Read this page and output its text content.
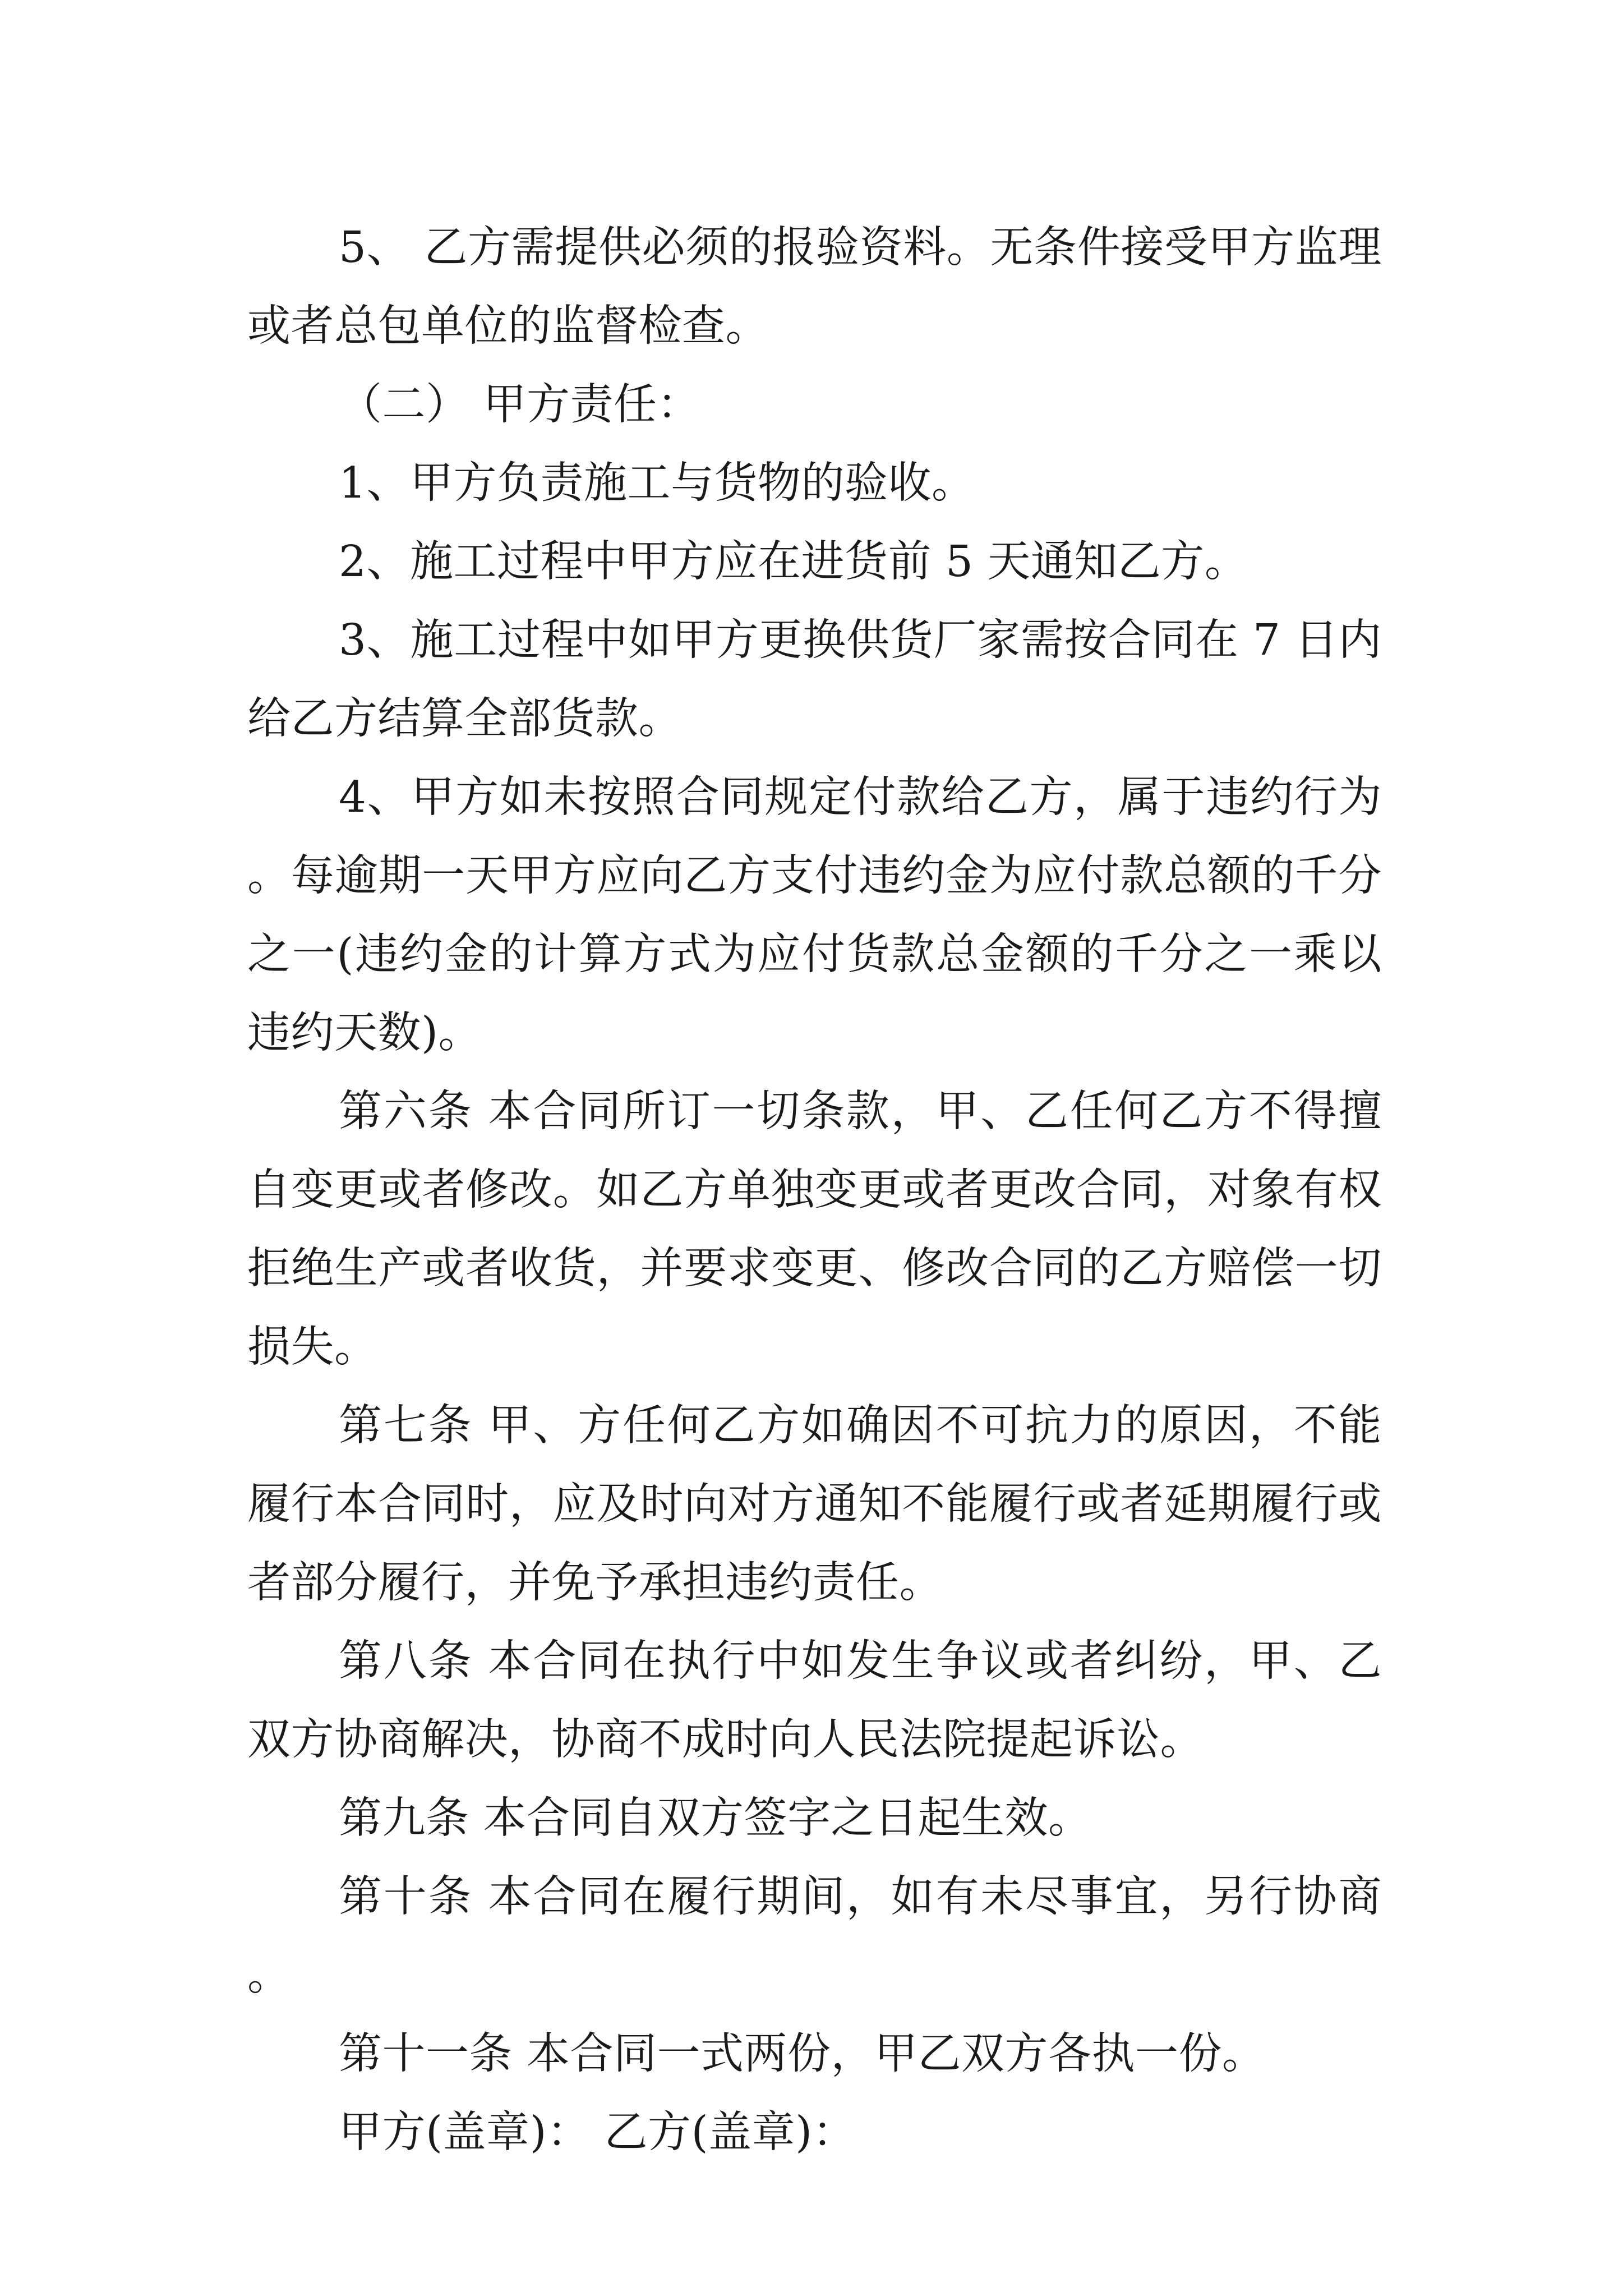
5、 乙方需提供必须的报验资料。无条件接受甲方监理或者总包单位的监督检查。

（二） 甲方责任：

1、甲方负责施工与货物的验收。

2、施工过程中甲方应在进货前 5 天通知乙方。

3、施工过程中如甲方更换供货厂家需按合同在 7 日内给乙方结算全部货款。

4、甲方如未按照合同规定付款给乙方，属于违约行为。每逾期一天甲方应向乙方支付违约金为应付款总额的千分之一(违约金的计算方式为应付货款总金额的千分之一乘以违约天数)。

第六条 本合同所订一切条款，甲、乙任何乙方不得擅自变更或者修改。如乙方单独变更或者更改合同，对象有权拒绝生产或者收货，并要求变更、修改合同的乙方赔偿一切损失。

第七条 甲、方任何乙方如确因不可抗力的原因，不能履行本合同时，应及时向对方通知不能履行或者延期履行或者部分履行，并免予承担违约责任。

第八条 本合同在执行中如发生争议或者纠纷，甲、乙双方协商解决，协商不成时向人民法院提起诉讼。

第九条 本合同自双方签字之日起生效。

第十条 本合同在履行期间，如有未尽事宜，另行协商。

第十一条 本合同一式两份，甲乙双方各执一份。

甲方(盖章)： 乙方(盖章)：
